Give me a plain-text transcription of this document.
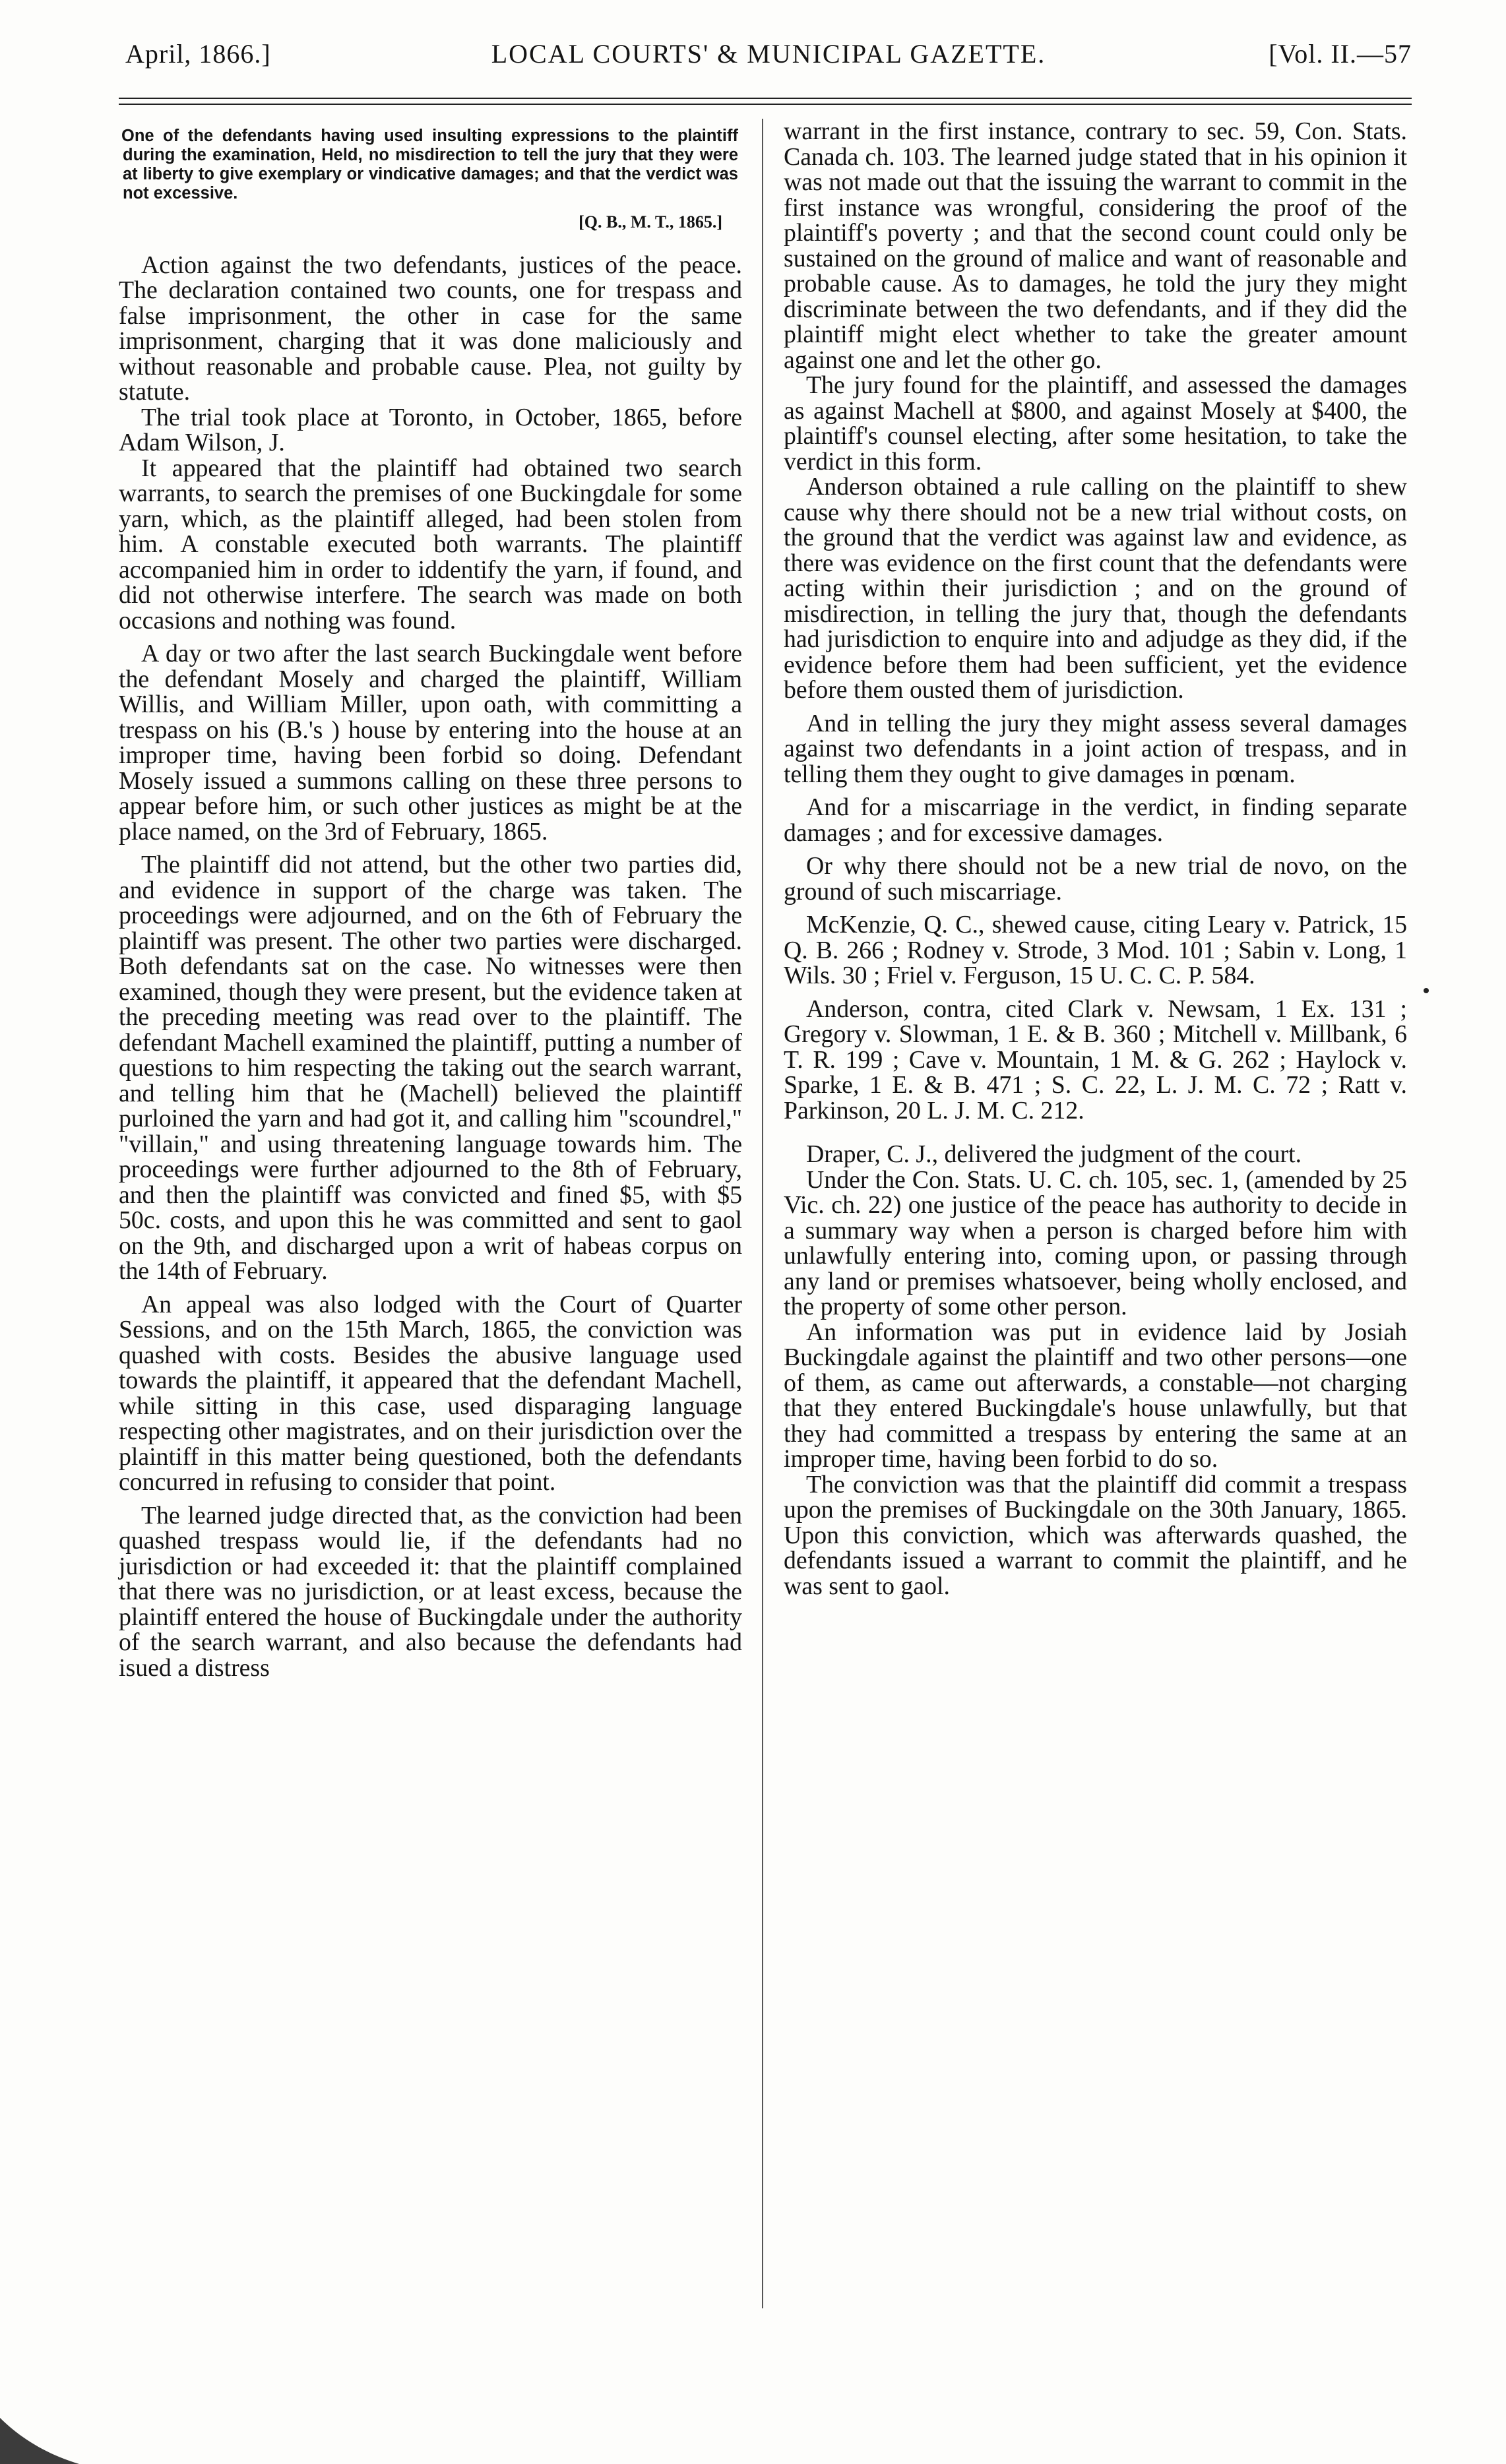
April, 1866.]	LOCAL COURTS' & MUNICIPAL GAZETTE.	[Vol. II.—57

One of the defendants having used insulting expressions to the plaintiff during the examination, Held, no misdirection to tell the jury that they were at liberty to give exemplary or vindicative damages; and that the verdict was not excessive.

[Q. B., M. T., 1865.]

Action against the two defendants, justices of the peace. The declaration contained two counts, one for trespass and false imprisonment, the other in case for the same imprisonment, charging that it was done maliciously and without reasonable and probable cause. Plea, not guilty by statute.

The trial took place at Toronto, in October, 1865, before Adam Wilson, J.

It appeared that the plaintiff had obtained two search warrants, to search the premises of one Buckingdale for some yarn, which, as the plaintiff alleged, had been stolen from him. A constable executed both warrants. The plaintiff accompanied him in order to iddentify the yarn, if found, and did not otherwise interfere. The search was made on both occasions and nothing was found.

A day or two after the last search Buckingdale went before the defendant Mosely and charged the plaintiff, William Willis, and William Miller, upon oath, with committing a trespass on his (B.'s ) house by entering into the house at an improper time, having been forbid so doing. Defendant Mosely issued a summons calling on these three persons to appear before him, or such other justices as might be at the place named, on the 3rd of February, 1865.

The plaintiff did not attend, but the other two parties did, and evidence in support of the charge was taken. The proceedings were adjourned, and on the 6th of February the plaintiff was present. The other two parties were discharged. Both defendants sat on the case. No witnesses were then examined, though they were present, but the evidence taken at the preceding meeting was read over to the plaintiff. The defendant Machell examined the plaintiff, putting a number of questions to him respecting the taking out the search warrant, and telling him that he (Machell) believed the plaintiff purloined the yarn and had got it, and calling him "scoundrel," "villain," and using threatening language towards him. The proceedings were further adjourned to the 8th of February, and then the plaintiff was convicted and fined $5, with $5 50c. costs, and upon this he was committed and sent to gaol on the 9th, and discharged upon a writ of habeas corpus on the 14th of February.

An appeal was also lodged with the Court of Quarter Sessions, and on the 15th March, 1865, the conviction was quashed with costs. Besides the abusive language used towards the plaintiff, it appeared that the defendant Machell, while sitting in this case, used disparaging language respecting other magistrates, and on their jurisdiction over the plaintiff in this matter being questioned, both the defendants concurred in refusing to consider that point.

The learned judge directed that, as the conviction had been quashed trespass would lie, if the defendants had no jurisdiction or had exceeded it: that the plaintiff complained that there was no jurisdiction, or at least excess, because the plaintiff entered the house of Buckingdale under the authority of the search warrant, and also because the defendants had isued a distress

warrant in the first instance, contrary to sec. 59, Con. Stats. Canada ch. 103. The learned judge stated that in his opinion it was not made out that the issuing the warrant to commit in the first instance was wrongful, considering the proof of the plaintiff's poverty ; and that the second count could only be sustained on the ground of malice and want of reasonable and probable cause. As to damages, he told the jury they might discriminate between the two defendants, and if they did the plaintiff might elect whether to take the greater amount against one and let the other go.

The jury found for the plaintiff, and assessed the damages as against Machell at $800, and against Mosely at $400, the plaintiff's counsel electing, after some hesitation, to take the verdict in this form.

Anderson obtained a rule calling on the plaintiff to shew cause why there should not be a new trial without costs, on the ground that the verdict was against law and evidence, as there was evidence on the first count that the defendants were acting within their jurisdiction ; and on the ground of misdirection, in telling the jury that, though the defendants had jurisdiction to enquire into and adjudge as they did, if the evidence before them had been sufficient, yet the evidence before them ousted them of jurisdiction.

And in telling the jury they might assess several damages against two defendants in a joint action of trespass, and in telling them they ought to give damages in pœnam.

And for a miscarriage in the verdict, in finding separate damages ; and for excessive damages.

Or why there should not be a new trial de novo, on the ground of such miscarriage.

McKenzie, Q. C., shewed cause, citing Leary v. Patrick, 15 Q. B. 266 ; Rodney v. Strode, 3 Mod. 101 ; Sabin v. Long, 1 Wils. 30 ; Friel v. Ferguson, 15 U. C. C. P. 584.

Anderson, contra, cited Clark v. Newsam, 1 Ex. 131 ; Gregory v. Slowman, 1 E. & B. 360 ; Mitchell v. Millbank, 6 T. R. 199 ; Cave v. Mountain, 1 M. & G. 262 ; Haylock v. Sparke, 1 E. & B. 471 ; S. C. 22, L. J. M. C. 72 ; Ratt v. Parkinson, 20 L. J. M. C. 212.

Draper, C. J., delivered the judgment of the court.

Under the Con. Stats. U. C. ch. 105, sec. 1, (amended by 25 Vic. ch. 22) one justice of the peace has authority to decide in a summary way when a person is charged before him with unlawfully entering into, coming upon, or passing through any land or premises whatsoever, being wholly enclosed, and the property of some other person.

An information was put in evidence laid by Josiah Buckingdale against the plaintiff and two other persons—one of them, as came out afterwards, a constable—not charging that they entered Buckingdale's house unlawfully, but that they had committed a trespass by entering the same at an improper time, having been forbid to do so.

The conviction was that the plaintiff did commit a trespass upon the premises of Buckingdale on the 30th January, 1865. Upon this conviction, which was afterwards quashed, the defendants issued a warrant to commit the plaintiff, and he was sent to gaol.
